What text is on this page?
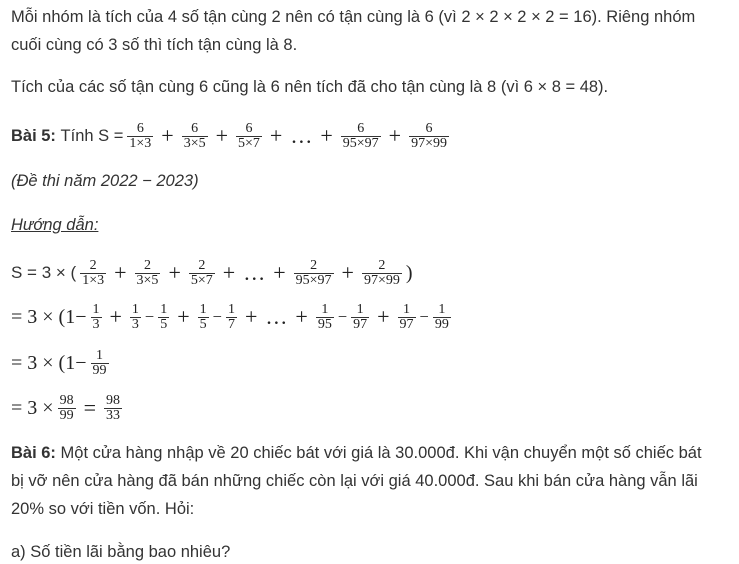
Mỗi nhóm là tích của 4 số tận cùng 2 nên có tận cùng là 6 (vì 2 × 2 × 2 × 2 = 16). Riêng nhóm
cuối cùng có 3 số thì tích tận cùng là 8.
Tích của các số tận cùng 6 cũng là 6 nên tích đã cho tận cùng là 8 (vì 6 × 8 = 48).
Bài 5:
Tính $S = \frac{6}{1\times 3} + \frac{6}{3\times 5} + \frac{6}{5\times 7}$ + … + $\frac{6}{95\times 97} + \frac{6}{97\times 99}$
(Đề thi năm 2022 − 2023)
Hướng dẫn:
S = 3 × ( $\frac{2}{1\times 3} + \frac{2}{3\times 5} + \frac{2}{5\times 7}$ + … + $\frac{2}{95\times 97} + \frac{2}{97\times 99}$ )
= $3 \times (1- \frac{1}{3} + \frac{1}{3} - \frac{1}{5} + \frac{1}{5} - \frac{1}{7}$ + … + $\frac{1}{95} - \frac{1}{97} + \frac{1}{97} - \frac{1}{99}$
= $3 \times (1- \frac{1}{99}$
= $3 \times \frac{98}{99} = \frac{98}{33}$
Bài 6: Một cửa hàng nhập về 20 chiếc bát với giá là 30.000đ. Khi vận chuyển một số chiếc bát
bị vỡ nên cửa hàng đã bán những chiếc còn lại với giá 40.000đ. Sau khi bán cửa hàng vẫn lãi
20% so với tiền vốn. Hỏi:
a) Số tiền lãi bằng bao nhiêu?
